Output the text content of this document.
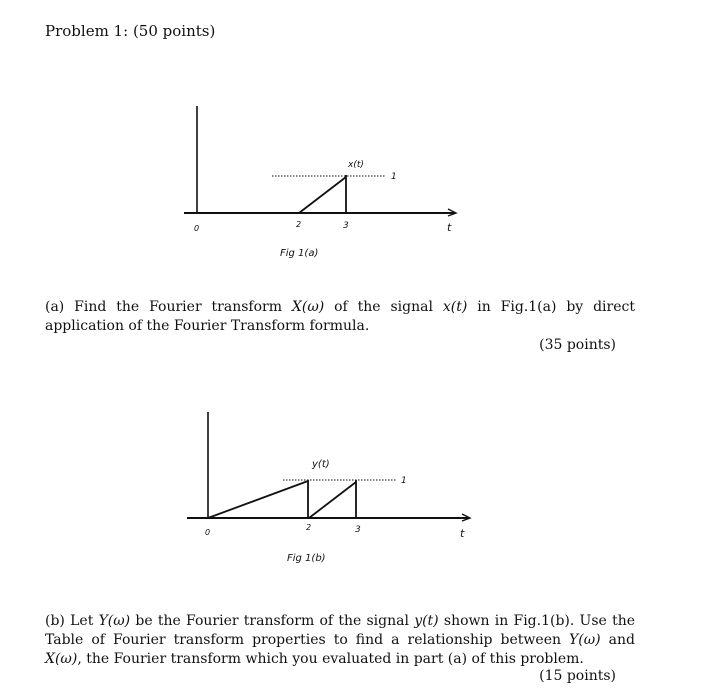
Problem 1: (50 points)
x(t)
1
0	2	3	t
Fig 1(a)
(a) Find the Fourier transform X(ω) of the signal x(t) in Fig.1(a) by direct application of the Fourier Transform formula.
(35 points)
y(t)
1
0
2	3	t
Fig 1(b)
(b) Let Y(ω) be the Fourier transform of the signal y(t) shown in Fig.1(b). Use the Table of Fourier transform properties to find a relationship between Y(ω) and X(ω), the Fourier transform which you evaluated in part (a) of this problem.
(15 points)
